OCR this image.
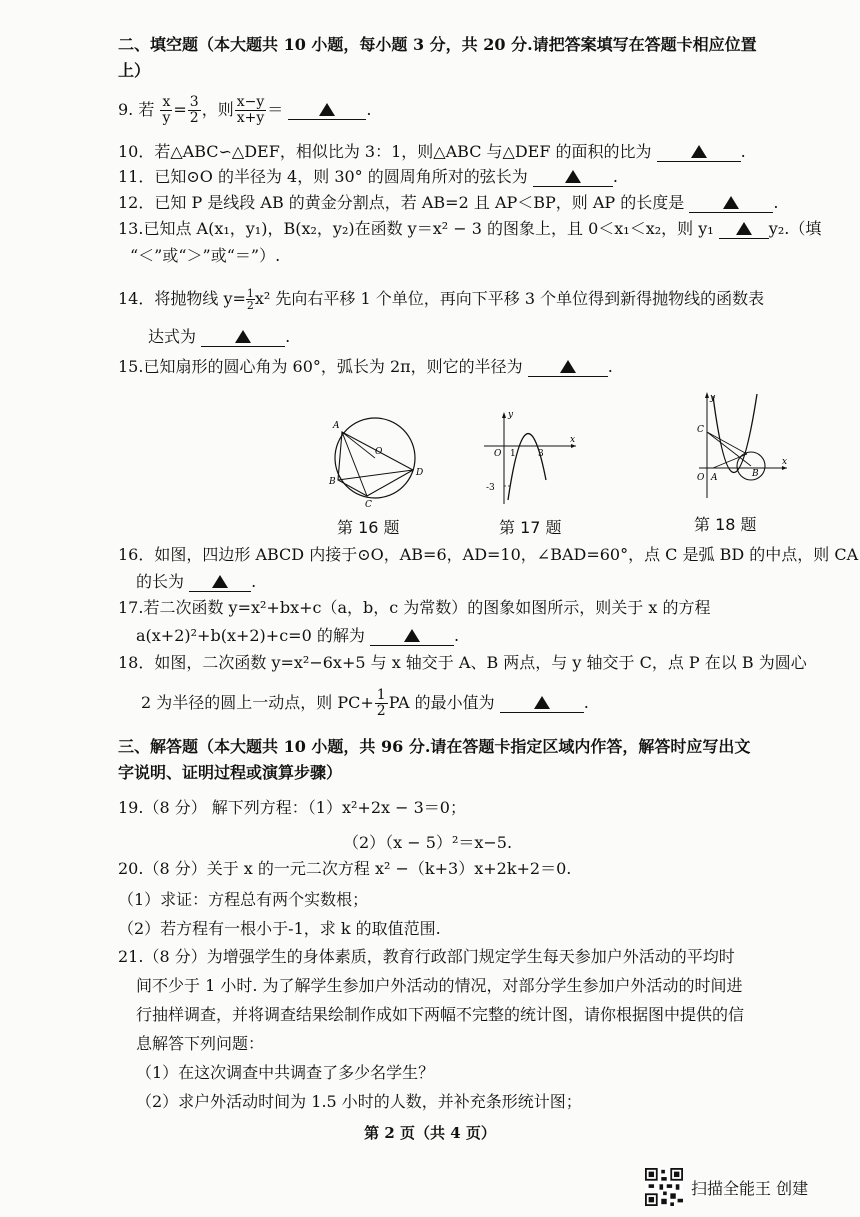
二、填空题（本大题共 10 小题，每小题 3 分，共 20 分.请把答案填写在答题卡相应位置
上）
9. 若 $\frac{x}{y} = \frac{3}{2}$ ，则 $\frac{x-y}{x+y}$ ＝	.
10．若△ABC∽△DEF，相似比为 3：1，则△ABC 与△DEF 的面积的比为	.
11．已知⊙O 的半径为 4，则 30° 的圆周角所对的弦长为	.
12．已知 P 是线段 AB 的黄金分割点，若 AB=2 且 AP＜BP，则 AP 的长度是	.
13.已知点 A(x₁，y₁)，B(x₂，y₂)在函数 y＝x² − 3 的图象上，且 0＜x₁＜x₂，则 y₁	y₂.（填
“＜”或“＞”或“＝”）.
14．将抛物线 $y= \frac{1}{2} x^2$ 先向右平移 1 个单位，再向下平移 3 个单位得到新得抛物线的函数表
达式为	.
15.已知扇形的圆心角为 60°，弧长为 2π，则它的半径为	.
A
B
C
D
O
y
O 1 3
x
-3
y
C
O A	B
x
第 16 题	第 17 题	第 18 题
16．如图，四边形 ABCD 内接于⊙O，AB=6，AD=10，∠BAD=60°，点 C 是弧 BD 的中点，则 CA
的长为	.
17.若二次函数 y=x²+bx+c（a，b，c 为常数）的图象如图所示，则关于 x 的方程
a(x+2)²+b(x+2)+c=0 的解为	.
18．如图，二次函数 y=x²−6x+5 与 x 轴交于 A、B 两点，与 y 轴交于 C，点 P 在以 B 为圆心
2 为半径的圆上一动点，则 $PC+ \frac{1}{2}$ PA 的最小值为	.
三、解答题（本大题共 10 小题，共 96 分.请在答题卡指定区域内作答，解答时应写出文
字说明、证明过程或演算步骤）
19.（8 分） 解下列方程：（1）x²+2x − 3＝0；
（2）（x − 5）²＝x−5.
20.（8 分）关于 x 的一元二次方程 x² −（k+3）x+2k+2＝0.
（1）求证：方程总有两个实数根；
（2）若方程有一根小于-1，求 k 的取值范围.
21.（8 分）为增强学生的身体素质，教育行政部门规定学生每天参加户外活动的平均时
间不少于 1 小时. 为了解学生参加户外活动的情况，对部分学生参加户外活动的时间进
行抽样调查，并将调查结果绘制作成如下两幅不完整的统计图，请你根据图中提供的信
息解答下列问题：
（1）在这次调查中共调查了多少名学生？
（2）求户外活动时间为 1.5 小时的人数，并补充条形统计图；
第 2 页（共 4 页）
扫描全能王 创建
